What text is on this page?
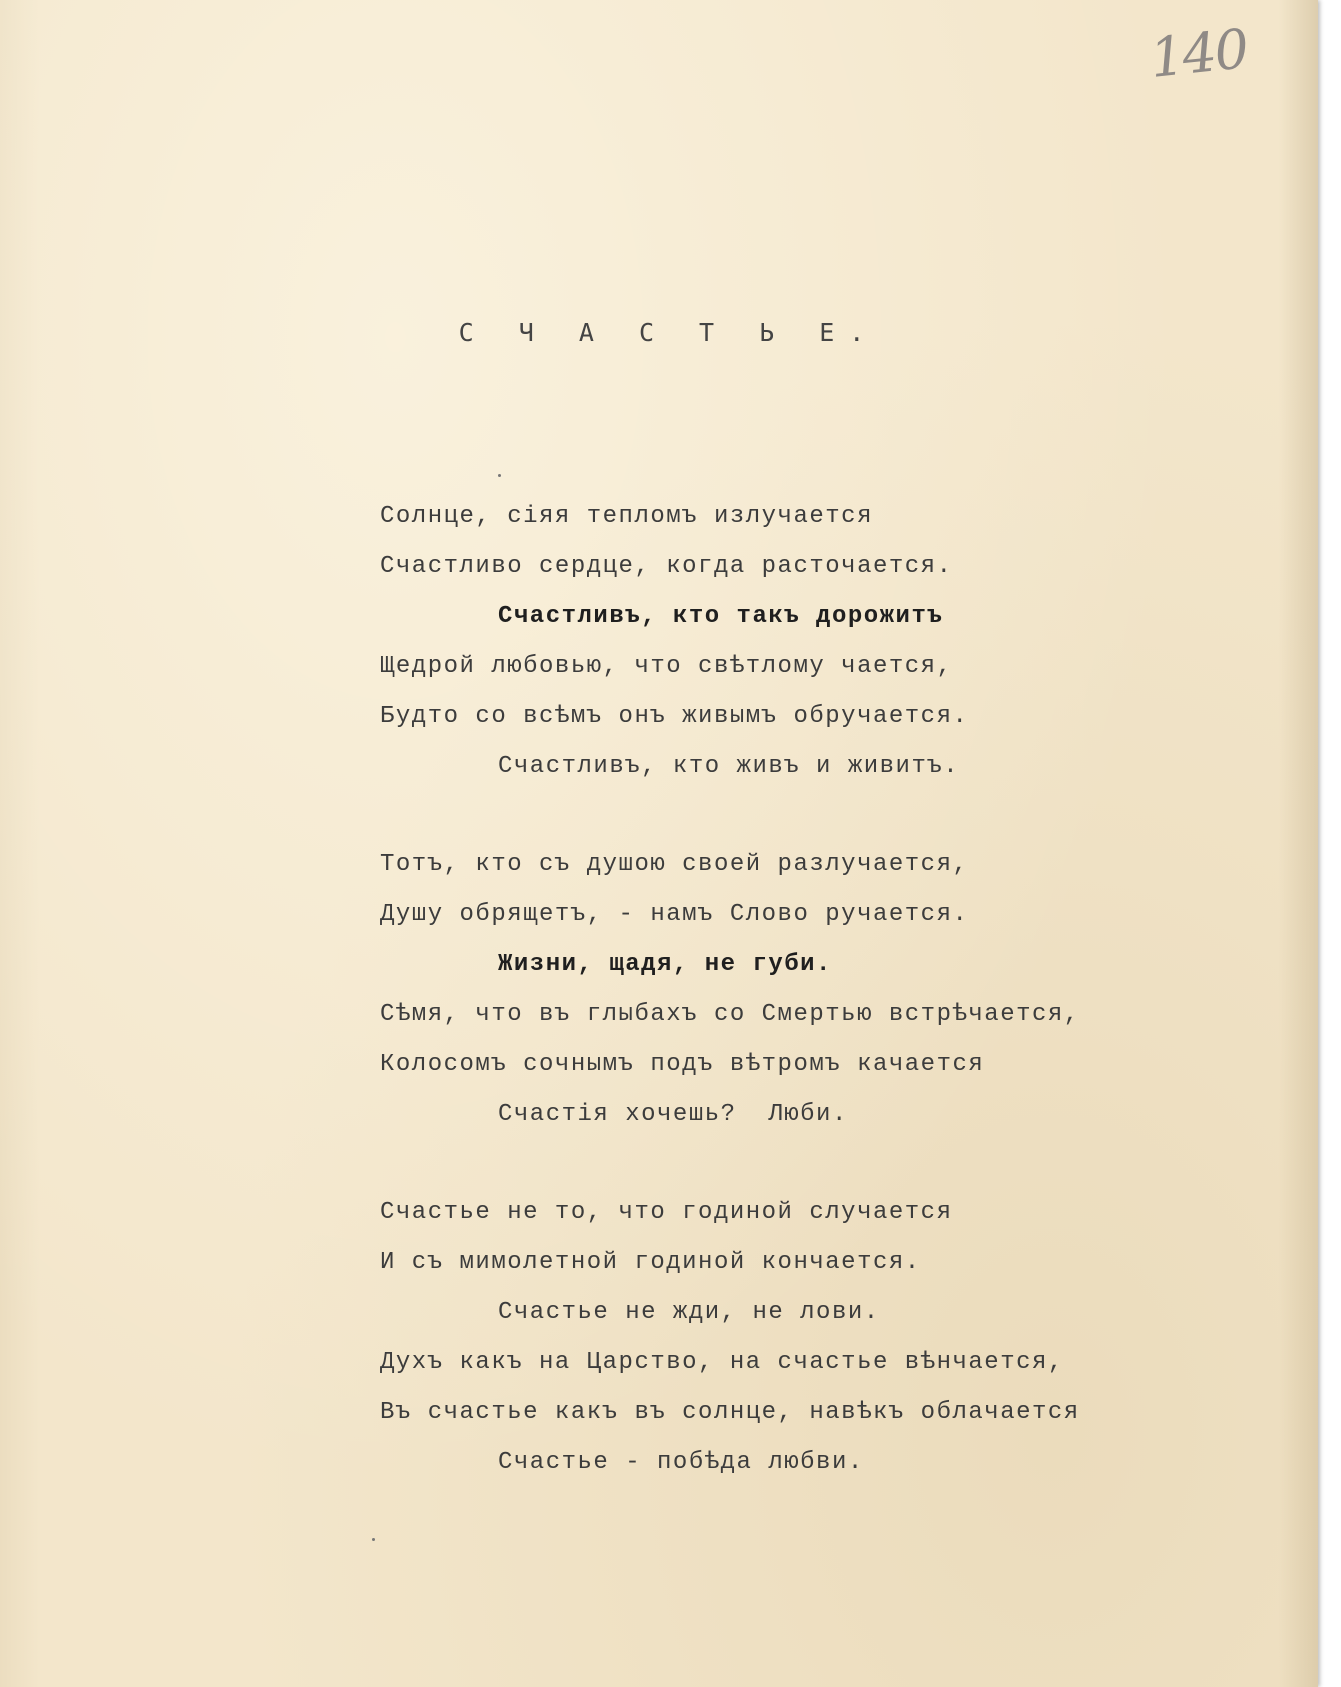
140
С Ч А С Т Ь Е.
Солнце, сiяя тепломъ излучается
Счастливо сердце, когда расточается.
Счастливъ, кто такъ дорожитъ
Щедрой любовью, что свѣтлому чается,
Будто со всѣмъ онъ живымъ обручается.
Счастливъ, кто живъ и живитъ.
Тотъ, кто съ душою своей разлучается,
Душу обрящетъ, - намъ Слово ручается.
Жизни, щадя, не губи.
Сѣмя, что въ глыбахъ со Смертью встрѣчается,
Колосомъ сочнымъ подъ вѣтромъ качается
Счастiя хочешь?  Люби.
Счастье не то, что годиной случается
И съ мимолетной годиной кончается.
Счастье не жди, не лови.
Духъ какъ на Царство, на счастье вѣнчается,
Въ счастье какъ въ солнце, навѣкъ облачается
Счастье - побѣда любви.
